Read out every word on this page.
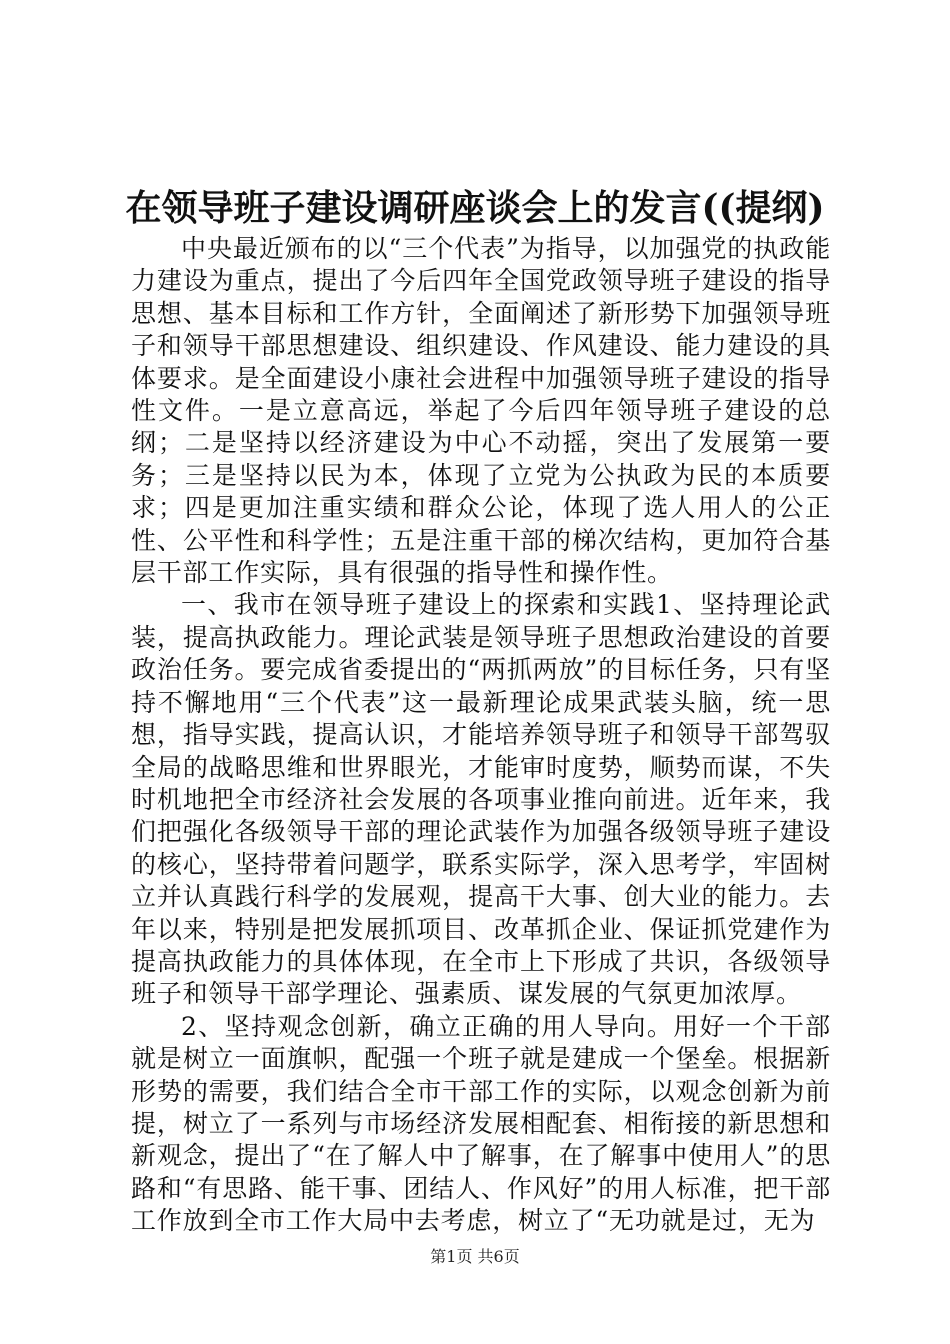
在领导班子建设调研座谈会上的发言((提纲)

中央最近颁布的以“三个代表”为指导，以加强党的执政能力建设为重点，提出了今后四年全国党政领导班子建设的指导思想、基本目标和工作方针，全面阐述了新形势下加强领导班子和领导干部思想建设、组织建设、作风建设、能力建设的具体要求。是全面建设小康社会进程中加强领导班子建设的指导性文件。一是立意高远，举起了今后四年领导班子建设的总纲；二是坚持以经济建设为中心不动摇，突出了发展第一要务；三是坚持以民为本，体现了立党为公执政为民的本质要求；四是更加注重实绩和群众公论，体现了选人用人的公正性、公平性和科学性；五是注重干部的梯次结构，更加符合基层干部工作实际，具有很强的指导性和操作性。

一、我市在领导班子建设上的探索和实践1、坚持理论武装，提高执政能力。理论武装是领导班子思想政治建设的首要政治任务。要完成省委提出的“两抓两放”的目标任务，只有坚持不懈地用“三个代表”这一最新理论成果武装头脑，统一思想，指导实践，提高认识，才能培养领导班子和领导干部驾驭全局的战略思维和世界眼光，才能审时度势，顺势而谋，不失时机地把全市经济社会发展的各项事业推向前进。近年来，我们把强化各级领导干部的理论武装作为加强各级领导班子建设的核心，坚持带着问题学，联系实际学，深入思考学，牢固树立并认真践行科学的发展观，提高干大事、创大业的能力。去年以来，特别是把发展抓项目、改革抓企业、保证抓党建作为提高执政能力的具体体现，在全市上下形成了共识，各级领导班子和领导干部学理论、强素质、谋发展的气氛更加浓厚。

2、坚持观念创新，确立正确的用人导向。用好一个干部就是树立一面旗帜，配强一个班子就是建成一个堡垒。根据新形势的需要，我们结合全市干部工作的实际，以观念创新为前提，树立了一系列与市场经济发展相配套、相衔接的新思想和新观念，提出了“在了解人中了解事，在了解事中使用人”的思路和“有思路、能干事、团结人、作风好”的用人标准，把干部工作放到全市工作大局中去考虑，树立了“无功就是过，无为

第1页 共6页
